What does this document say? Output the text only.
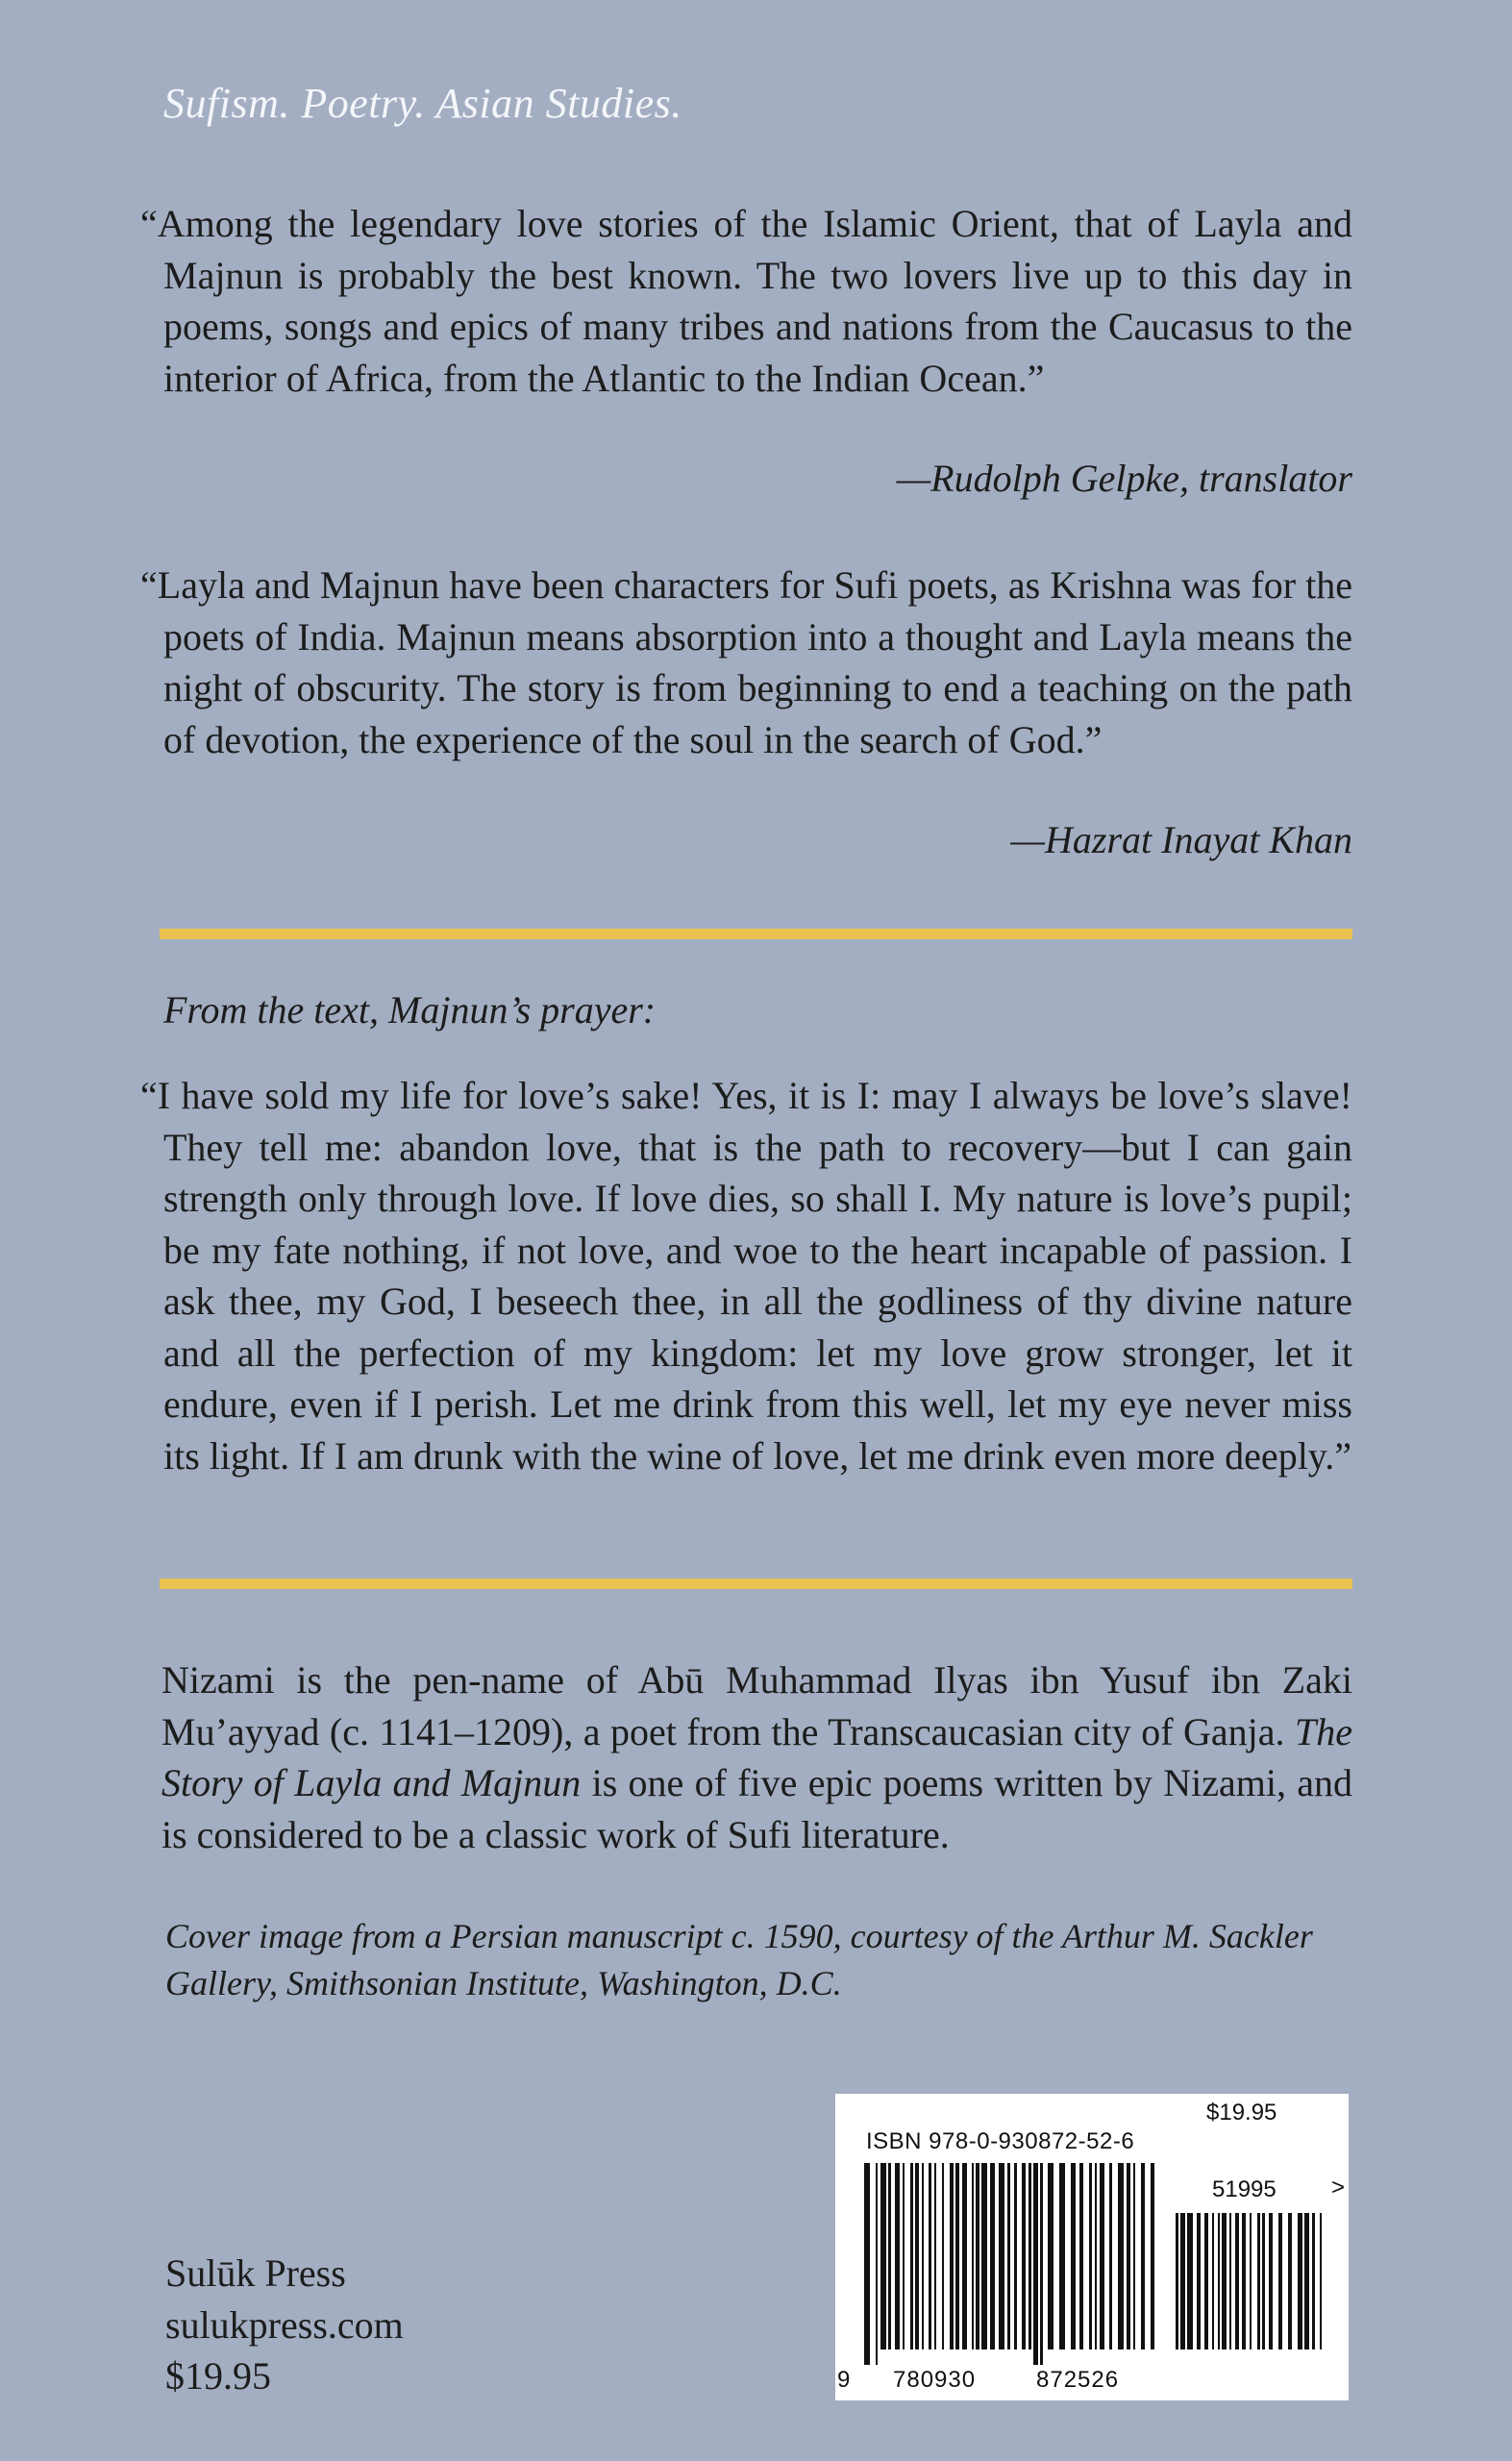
Sufism. Poetry. Asian Studies.
“Among the legendary love stories of the Islamic Orient, that of Layla and Majnun is probably the best known. The two lovers live up to this day in poems, songs and epics of many tribes and nations from the Caucasus to the interior of Africa, from the Atlantic to the Indian Ocean.”
—Rudolph Gelpke, translator
“Layla and Majnun have been characters for Sufi poets, as Krishna was for the poets of India. Majnun means absorption into a thought and Layla means the night of obscurity. The story is from beginning to end a teaching on the path of devotion, the experience of the soul in the search of God.”
—Hazrat Inayat Khan
From the text, Majnun’s prayer:
“I have sold my life for love’s sake! Yes, it is I: may I always be love’s slave! They tell me: abandon love, that is the path to recovery—but I can gain strength only through love. If love dies, so shall I. My nature is love’s pupil; be my fate nothing, if not love, and woe to the heart incapable of passion. I ask thee, my God, I beseech thee, in all the godliness of thy divine nature and all the perfection of my kingdom: let my love grow stronger, let it endure, even if I perish. Let me drink from this well, let my eye never miss its light. If I am drunk with the wine of love, let me drink even more deeply.”
Nizami is the pen-name of Abū Muhammad Ilyas ibn Yusuf ibn Zaki Mu’ayyad (c. 1141–1209), a poet from the Transcaucasian city of Ganja. The Story of Layla and Majnun is one of five epic poems written by Nizami, and is considered to be a classic work of Sufi literature.
Cover image from a Persian manuscript c. 1590, courtesy of the Arthur M. Sackler Gallery, Smithsonian Institute, Washington, D.C.
Sulūk Press
sulukpress.com
$19.95
$19.95
ISBN 978-0-930872-52-6
51995 >
9 780930	872526
